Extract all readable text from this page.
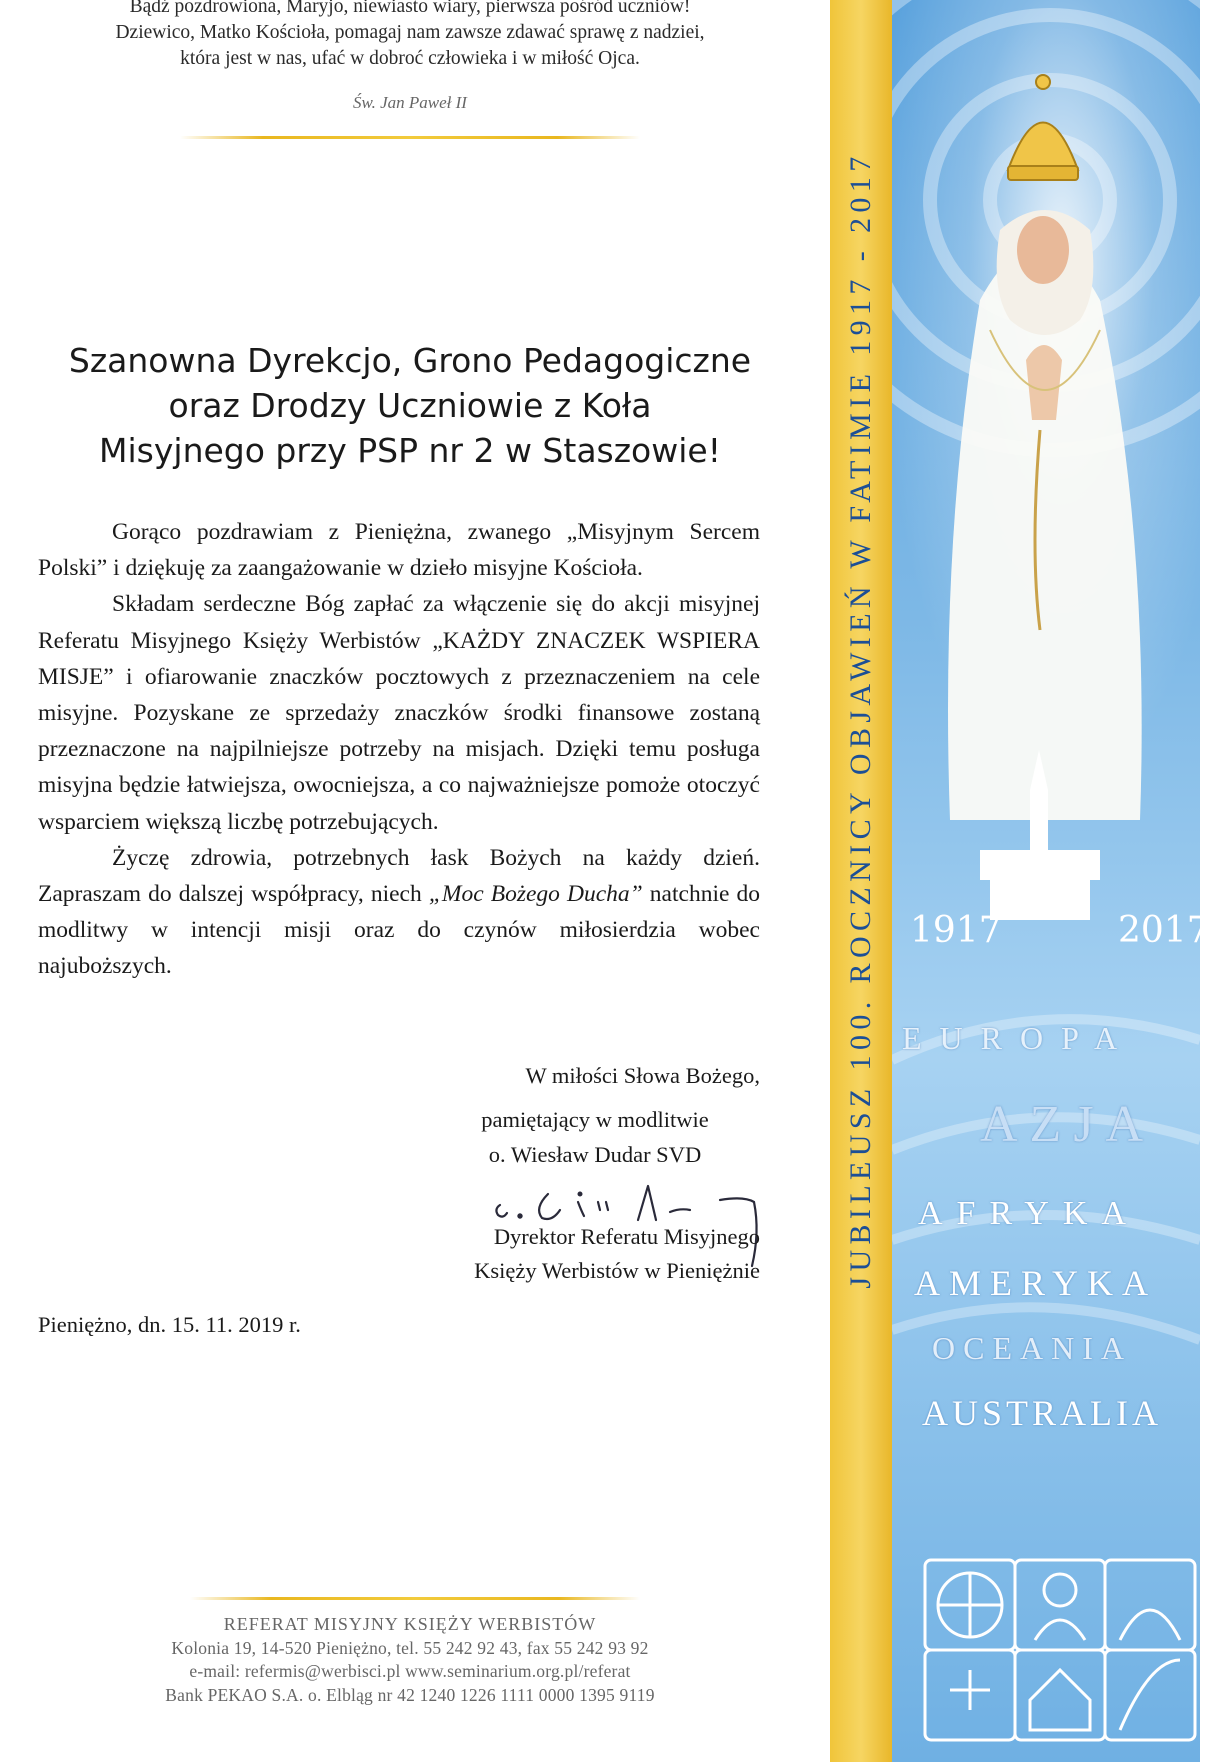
Bądź pozdrowiona, Maryjo, niewiasto wiary, pierwsza pośród uczniów!
Dziewico, Matko Kościoła, pomagaj nam zawsze zdawać sprawę z nadziei,
która jest w nas, ufać w dobroć człowieka i w miłość Ojca.
Św. Jan Paweł II
Szanowna Dyrekcjo, Grono Pedagogiczne
oraz Drodzy Uczniowie z Koła
Misyjnego przy PSP nr 2 w Staszowie!

Gorąco pozdrawiam z Pieniężna, zwanego „Misyjnym Sercem Polski” i dziękuję za zaangażowanie w dzieło misyjne Kościoła.

Składam serdeczne Bóg zapłać za włączenie się do akcji misyjnej Referatu Misyjnego Księży Werbistów „KAŻDY ZNACZEK WSPIERA MISJE” i ofiarowanie znaczków pocztowych z przeznaczeniem na cele misyjne. Pozyskane ze sprzedaży znaczków środki finansowe zostaną przeznaczone na najpilniejsze potrzeby na misjach. Dzięki temu posługa misyjna będzie łatwiejsza, owocniejsza, a co najważniejsze pomoże otoczyć wsparciem większą liczbę potrzebujących.

Życzę zdrowia, potrzebnych łask Bożych na każdy dzień. Zapraszam do dalszej współpracy, niech „Moc Bożego Ducha” natchnie do modlitwy w intencji misji oraz do czynów miłosierdzia wobec najuboższych.

W miłości Słowa Bożego,
pamiętający w modlitwie
o. Wiesław Dudar SVD
Dyrektor Referatu Misyjnego
Księży Werbistów w Pieniężnie
Pieniężno, dn. 15. 11. 2019 r.
REFERAT MISYJNY KSIĘŻY WERBISTÓW
Kolonia 19, 14-520 Pieniężno, tel. 55 242 92 43, fax 55 242 93 92
e-mail: refermis@werbisci.pl www.seminarium.org.pl/referat
Bank PEKAO S.A. o. Elbląg nr 42 1240 1226 1111 0000 1395 9119
JUBILEUSZ 100. ROCZNICY OBJAWIEŃ W FATIMIE 1917 - 2017 1917	2017
EUROPA
AZJA
AFRYKA
AMERYKA
OCEANIA
AUSTRALIA
